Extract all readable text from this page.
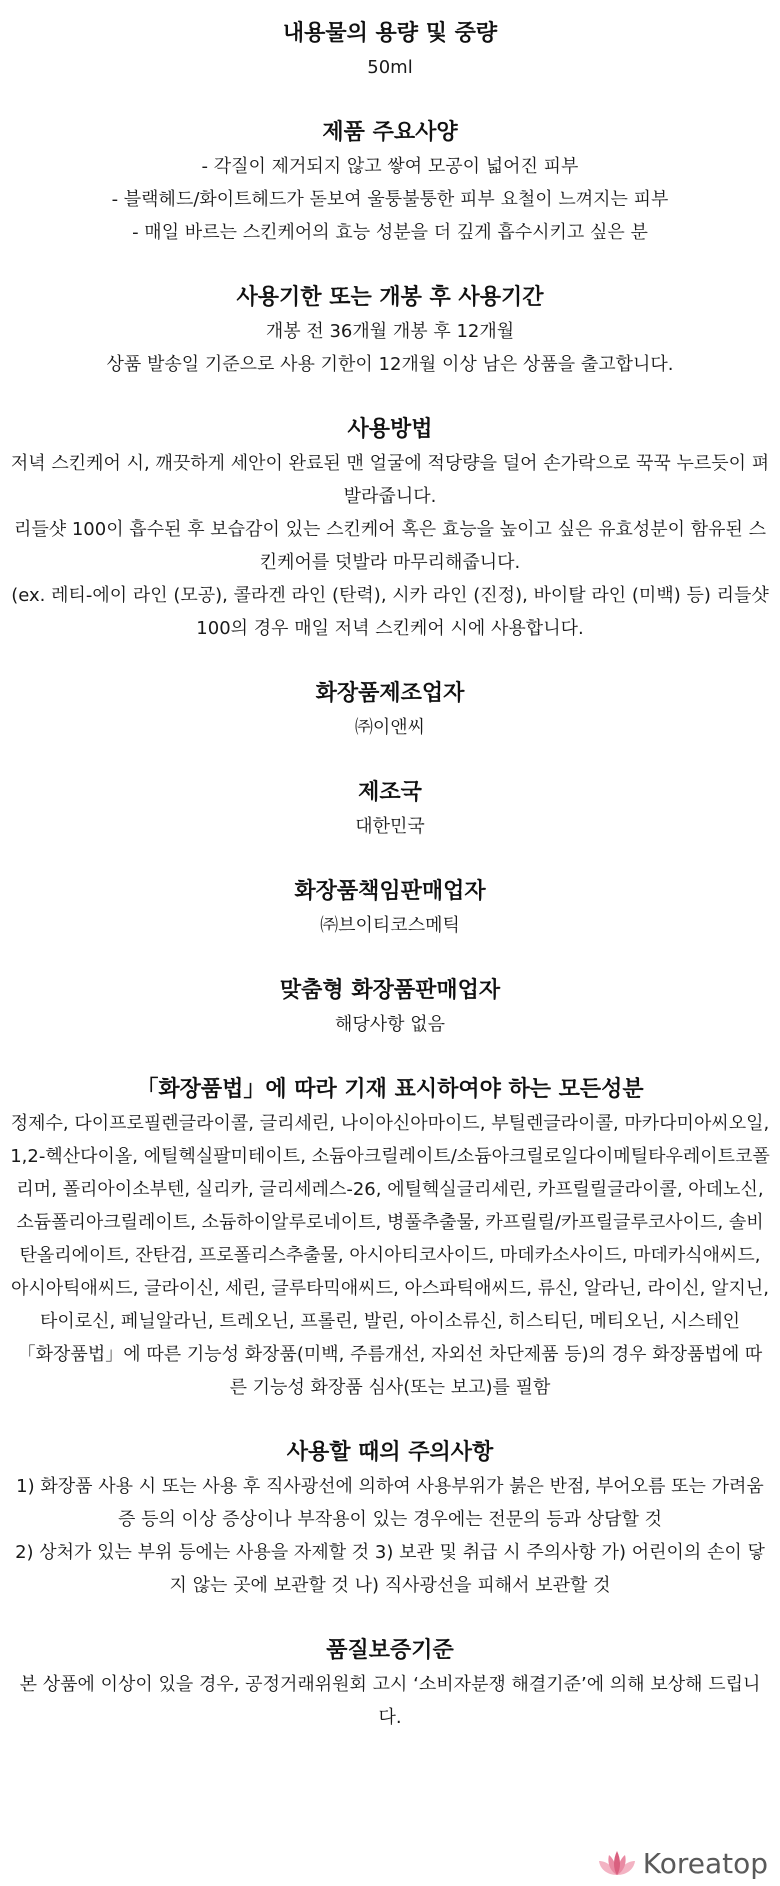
내용물의 용량 및 중량

50ml

제품 주요사양

- 각질이 제거되지 않고 쌓여 모공이 넓어진 피부

- 블랙헤드/화이트헤드가 돋보여 울퉁불퉁한 피부 요철이 느껴지는 피부

- 매일 바르는 스킨케어의 효능 성분을 더 깊게 흡수시키고 싶은 분

사용기한 또는 개봉 후 사용기간

개봉 전 36개월 개봉 후 12개월

상품 발송일 기준으로 사용 기한이 12개월 이상 남은 상품을 출고합니다.

사용방법

저녁 스킨케어 시, 깨끗하게 세안이 완료된 맨 얼굴에 적당량을 덜어 손가락으로 꾹꾹 누르듯이 펴 발라줍니다.

리들샷 100이 흡수된 후 보습감이 있는 스킨케어 혹은 효능을 높이고 싶은 유효성분이 함유된 스킨케어를 덧발라 마무리해줍니다.

(ex. 레티-에이 라인 (모공), 콜라겐 라인 (탄력), 시카 라인 (진정), 바이탈 라인 (미백) 등) 리들샷 100의 경우 매일 저녁 스킨케어 시에 사용합니다.

화장품제조업자

㈜이앤씨

제조국

대한민국

화장품책임판매업자

㈜브이티코스메틱

맞춤형 화장품판매업자

해당사항 없음

「화장품법」에 따라 기재 표시하여야 하는 모든성분

정제수, 다이프로필렌글라이콜, 글리세린, 나이아신아마이드, 부틸렌글라이콜, 마카다미아씨오일, 1,2-헥산다이올, 에틸헥실팔미테이트, 소듐아크릴레이트/소듐아크릴로일다이메틸타우레이트코폴리머, 폴리아이소부텐, 실리카, 글리세레스-26, 에틸헥실글리세린, 카프릴릴글라이콜, 아데노신, 소듐폴리아크릴레이트, 소듐하이알루로네이트, 병풀추출물, 카프릴릴/카프릴글루코사이드, 솔비탄올리에이트, 잔탄검, 프로폴리스추출물, 아시아티코사이드, 마데카소사이드, 마데카식애씨드, 아시아틱애씨드, 글라이신, 세린, 글루타믹애씨드, 아스파틱애씨드, 류신, 알라닌, 라이신, 알지닌, 타이로신, 페닐알라닌, 트레오닌, 프롤린, 발린, 아이소류신, 히스티딘, 메티오닌, 시스테인

「화장품법」에 따른 기능성 화장품(미백, 주름개선, 자외선 차단제품 등)의 경우 화장품법에 따른 기능성 화장품 심사(또는 보고)를 필함

사용할 때의 주의사항

1) 화장품 사용 시 또는 사용 후 직사광선에 의하여 사용부위가 붉은 반점, 부어오름 또는 가려움증 등의 이상 증상이나 부작용이 있는 경우에는 전문의 등과 상담할 것

2) 상처가 있는 부위 등에는 사용을 자제할 것 3) 보관 및 취급 시 주의사항 가) 어린이의 손이 닿지 않는 곳에 보관할 것 나) 직사광선을 피해서 보관할 것

품질보증기준

본 상품에 이상이 있을 경우, 공정거래위원회 고시 ‘소비자분쟁 해결기준’에 의해 보상해 드립니다.

Koreatop
